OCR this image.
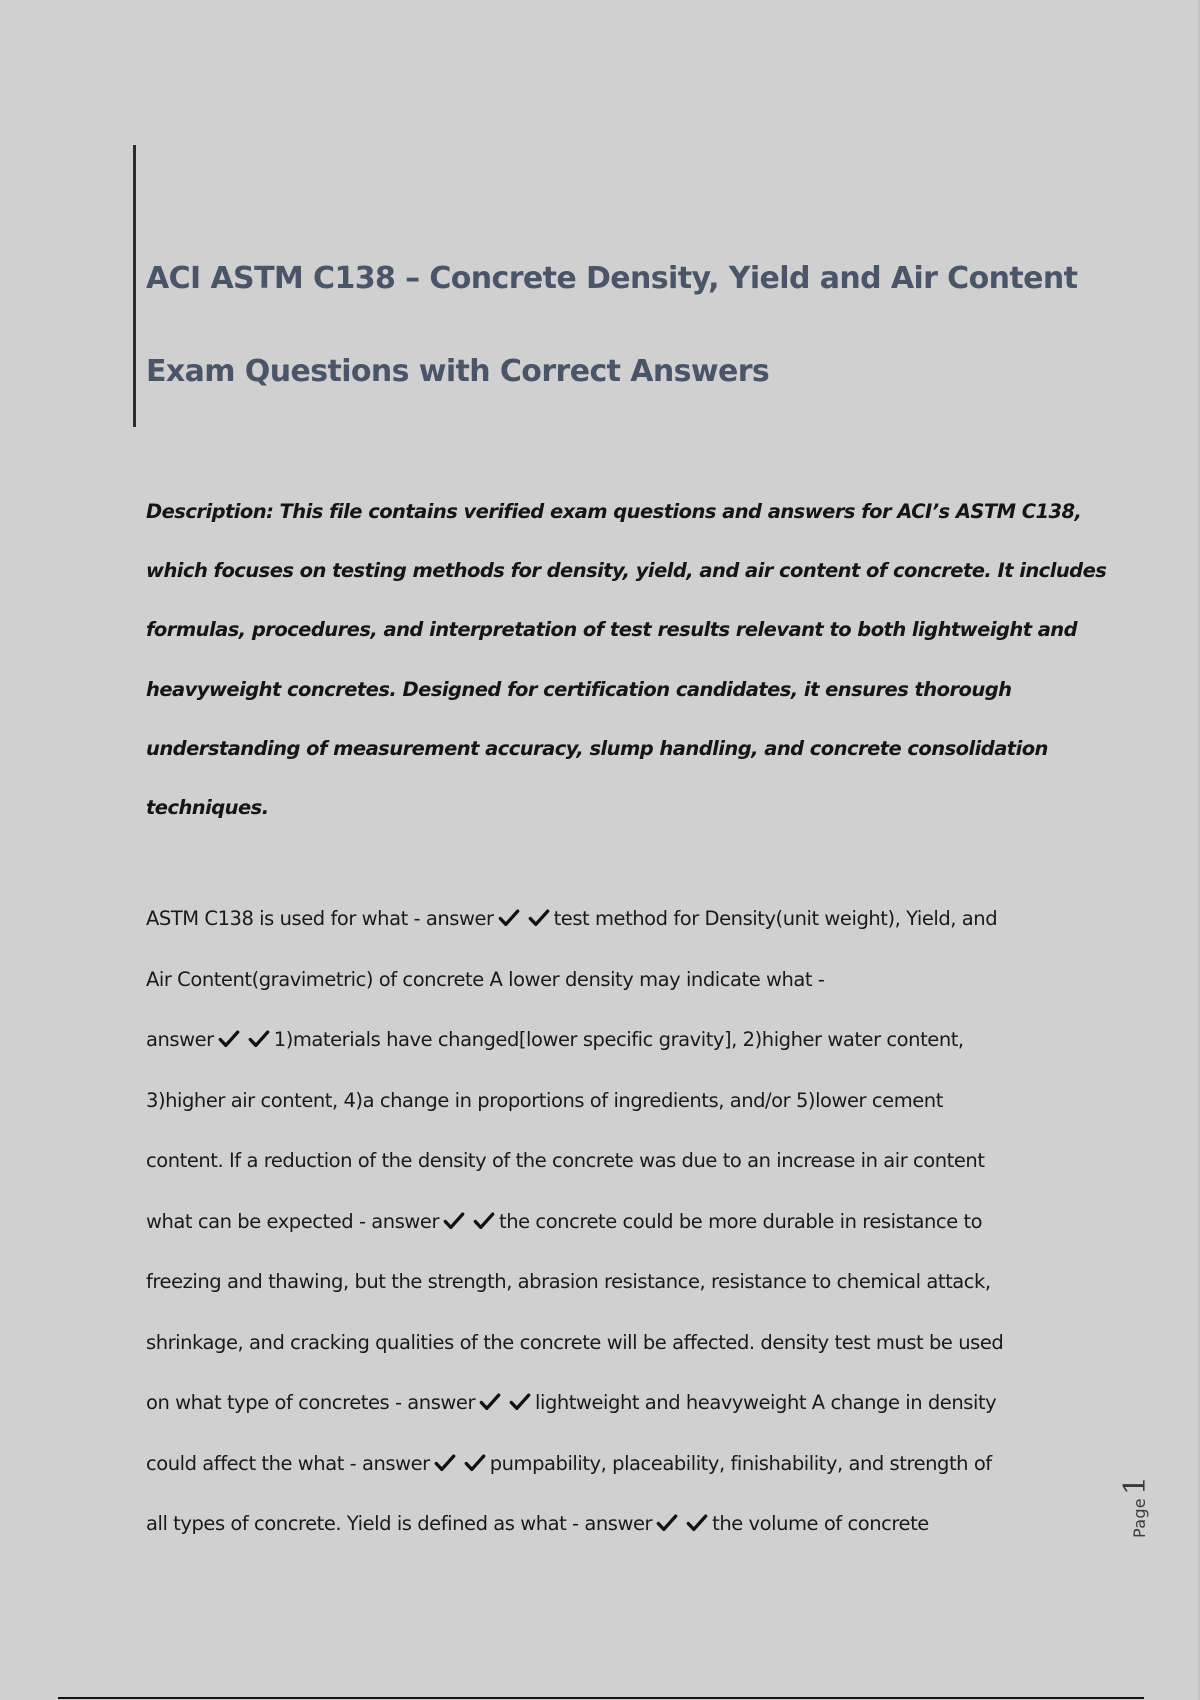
ACI ASTM C138 – Concrete Density, Yield and Air Content
Exam Questions with Correct Answers
Description: This file contains verified exam questions and answers for ACI’s ASTM C138,
which focuses on testing methods for density, yield, and air content of concrete. It includes
formulas, procedures, and interpretation of test results relevant to both lightweight and
heavyweight concretes. Designed for certification candidates, it ensures thorough
understanding of measurement accuracy, slump handling, and concrete consolidation
techniques.
ASTM C138 is used for what - answer	test method for Density(unit weight), Yield, and
Air Content(gravimetric) of concrete A lower density may indicate what -
answer	1)materials have changed[lower specific gravity], 2)higher water content,
3)higher air content, 4)a change in proportions of ingredients, and/or 5)lower cement
content. If a reduction of the density of the concrete was due to an increase in air content
what can be expected - answer	the concrete could be more durable in resistance to
freezing and thawing, but the strength, abrasion resistance, resistance to chemical attack,
shrinkage, and cracking qualities of the concrete will be affected. density test must be used
on what type of concretes - answer	lightweight and heavyweight A change in density
could affect the what - answer	pumpability, placeability, finishability, and strength of
all types of concrete. Yield is defined as what - answer	the volume of concrete	Page1
